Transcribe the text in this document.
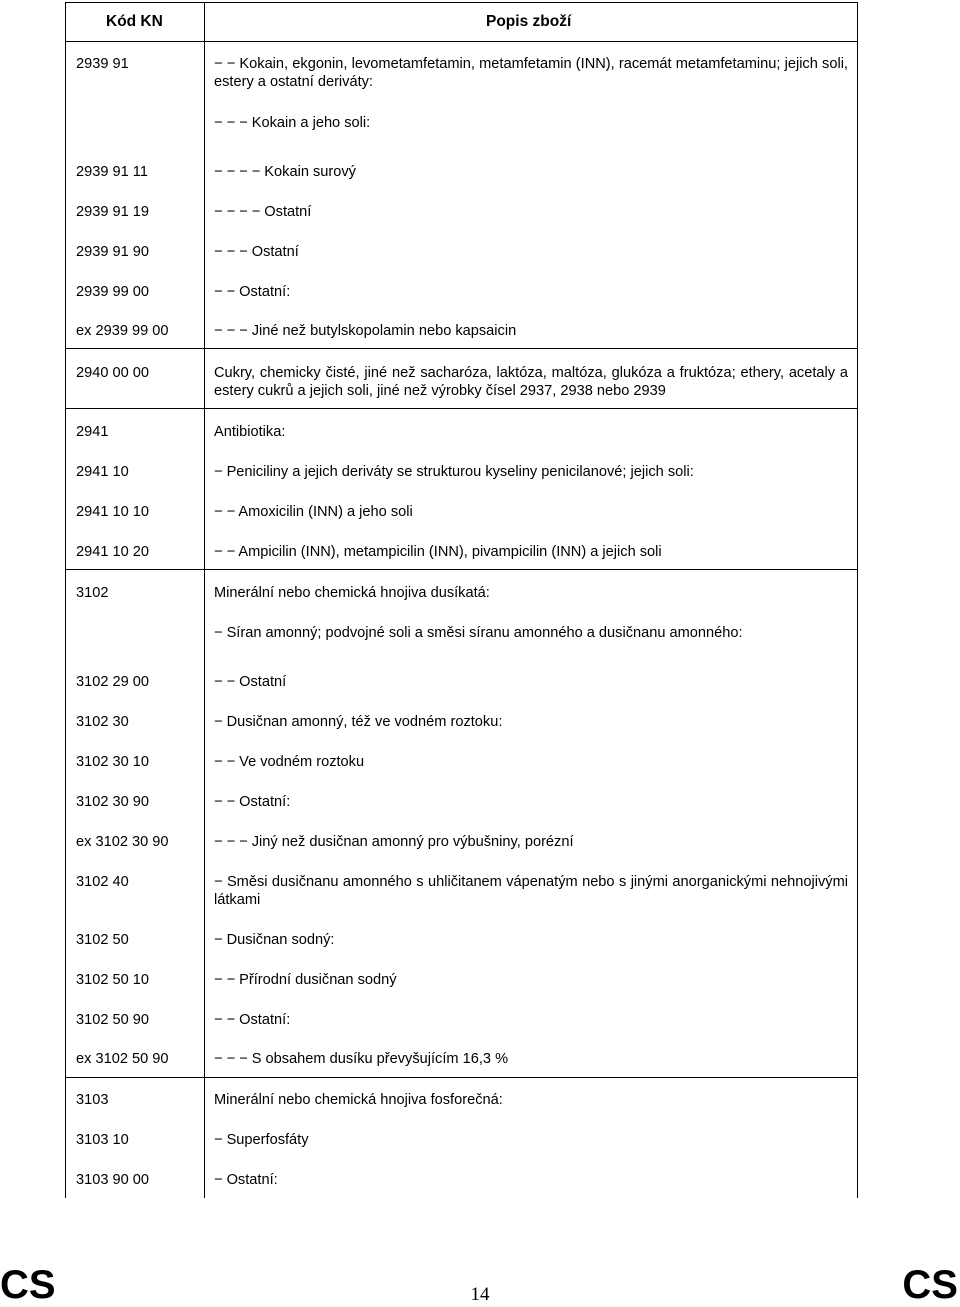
Kód KN	Popis zboží
2939 91	− − Kokain, ekgonin, levometamfetamin, metamfetamin (INN), racemát metamfetaminu; jejich soli, estery a ostatní deriváty:
− − − Kokain a jeho soli:
2939 91 11	− − − − Kokain surový
2939 91 19	− − − − Ostatní
2939 91 90	− − − Ostatní
2939 99 00	− − Ostatní:
ex 2939 99 00	− − − Jiné než butylskopolamin nebo kapsaicin
2940 00 00	Cukry, chemicky čisté, jiné než sacharóza, laktóza, maltóza, glukóza a fruktóza; ethery, acetaly a estery cukrů a jejich soli, jiné než výrobky čísel 2937, 2938 nebo 2939
2941	Antibiotika:
2941 10	− Peniciliny a jejich deriváty se strukturou kyseliny penicilanové; jejich soli:
2941 10 10	− − Amoxicilin (INN) a jeho soli
2941 10 20	− − Ampicilin (INN), metampicilin (INN), pivampicilin (INN) a jejich soli
3102	Minerální nebo chemická hnojiva dusíkatá:
− Síran amonný; podvojné soli a směsi síranu amonného a dusičnanu amonného:
3102 29 00	− − Ostatní
3102 30	− Dusičnan amonný, též ve vodném roztoku:
3102 30 10	− − Ve vodném roztoku
3102 30 90	− − Ostatní:
ex 3102 30 90	− − − Jiný než dusičnan amonný pro výbušniny, porézní
3102 40	− Směsi dusičnanu amonného s uhličitanem vápenatým nebo s jinými anorganickými nehnojivými látkami
3102 50	− Dusičnan sodný:
3102 50 10	− − Přírodní dusičnan sodný
3102 50 90	− − Ostatní:
ex 3102 50 90	− − − S obsahem dusíku převyšujícím 16,3 %
3103	Minerální nebo chemická hnojiva fosforečná:
3103 10	− Superfosfáty
3103 90 00	− Ostatní:
CS	14	CS
